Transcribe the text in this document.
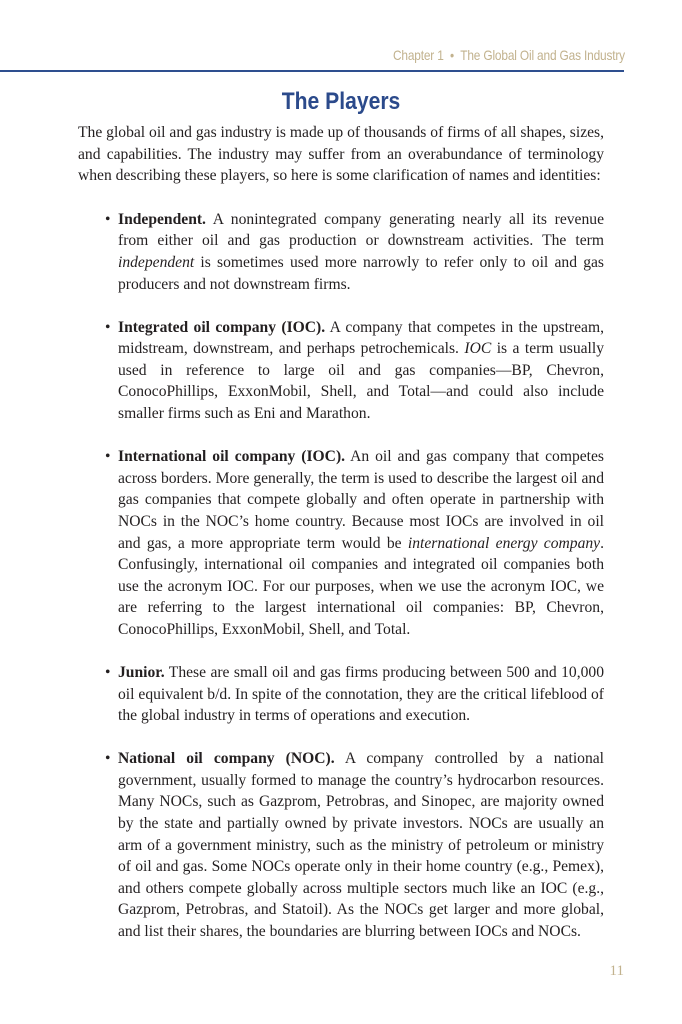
Chapter 1 • The Global Oil and Gas Industry
The Players

The global oil and gas industry is made up of thousands of firms of all shapes, sizes, and capabilities. The industry may suffer from an overabundance of terminology when describing these players, so here is some clarification of names and identities:

• Independent. A nonintegrated company generating nearly all its revenue from either oil and gas production or downstream activities. The term independent is sometimes used more narrowly to refer only to oil and gas producers and not downstream firms.
• Integrated oil company (IOC). A company that competes in the upstream, midstream, downstream, and perhaps petrochemicals. IOC is a term usually used in reference to large oil and gas companies—BP, Chevron, ConocoPhillips, ExxonMobil, Shell, and Total—and could also include smaller firms such as Eni and Marathon.
• International oil company (IOC). An oil and gas company that competes across borders. More generally, the term is used to describe the largest oil and gas companies that compete globally and often operate in partnership with NOCs in the NOC’s home country. Because most IOCs are involved in oil and gas, a more appropriate term would be international energy company. Confusingly, international oil companies and integrated oil companies both use the acronym IOC. For our purposes, when we use the acronym IOC, we are referring to the largest international oil companies: BP, Chevron, ConocoPhillips, ExxonMobil, Shell, and Total.
• Junior. These are small oil and gas firms producing between 500 and 10,000 oil equivalent b/d. In spite of the connotation, they are the critical lifeblood of the global industry in terms of operations and execution.
• National oil company (NOC). A company controlled by a national government, usually formed to manage the country’s hydrocarbon resources. Many NOCs, such as Gazprom, Petrobras, and Sinopec, are majority owned by the state and partially owned by private investors. NOCs are usually an arm of a government ministry, such as the ministry of petroleum or ministry of oil and gas. Some NOCs operate only in their home country (e.g., Pemex), and others compete globally across multiple sectors much like an IOC (e.g., Gazprom, Petrobras, and Statoil). As the NOCs get larger and more global, and list their shares, the boundaries are blurring between IOCs and NOCs.
11
